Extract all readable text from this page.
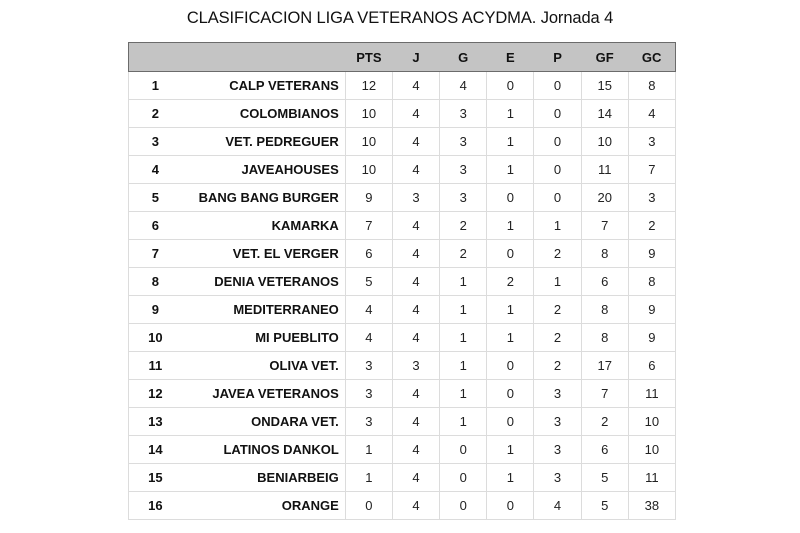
CLASIFICACION LIGA VETERANOS ACYDMA. Jornada 4
		PTS	J	G	E	P	GF	GC
1	CALP VETERANS	12	4	4	0	0	15	8
2	COLOMBIANOS	10	4	3	1	0	14	4
3	VET. PEDREGUER	10	4	3	1	0	10	3
4	JAVEAHOUSES	10	4	3	1	0	11	7
5	BANG BANG BURGER	9	3	3	0	0	20	3
6	KAMARKA	7	4	2	1	1	7	2
7	VET. EL VERGER	6	4	2	0	2	8	9
8	DENIA VETERANOS	5	4	1	2	1	6	8
9	MEDITERRANEO	4	4	1	1	2	8	9
10	MI PUEBLITO	4	4	1	1	2	8	9
11	OLIVA VET.	3	3	1	0	2	17	6
12	JAVEA VETERANOS	3	4	1	0	3	7	11
13	ONDARA VET.	3	4	1	0	3	2	10
14	LATINOS DANKOL	1	4	0	1	3	6	10
15	BENIARBEIG	1	4	0	1	3	5	11
16	ORANGE	0	4	0	0	4	5	38
